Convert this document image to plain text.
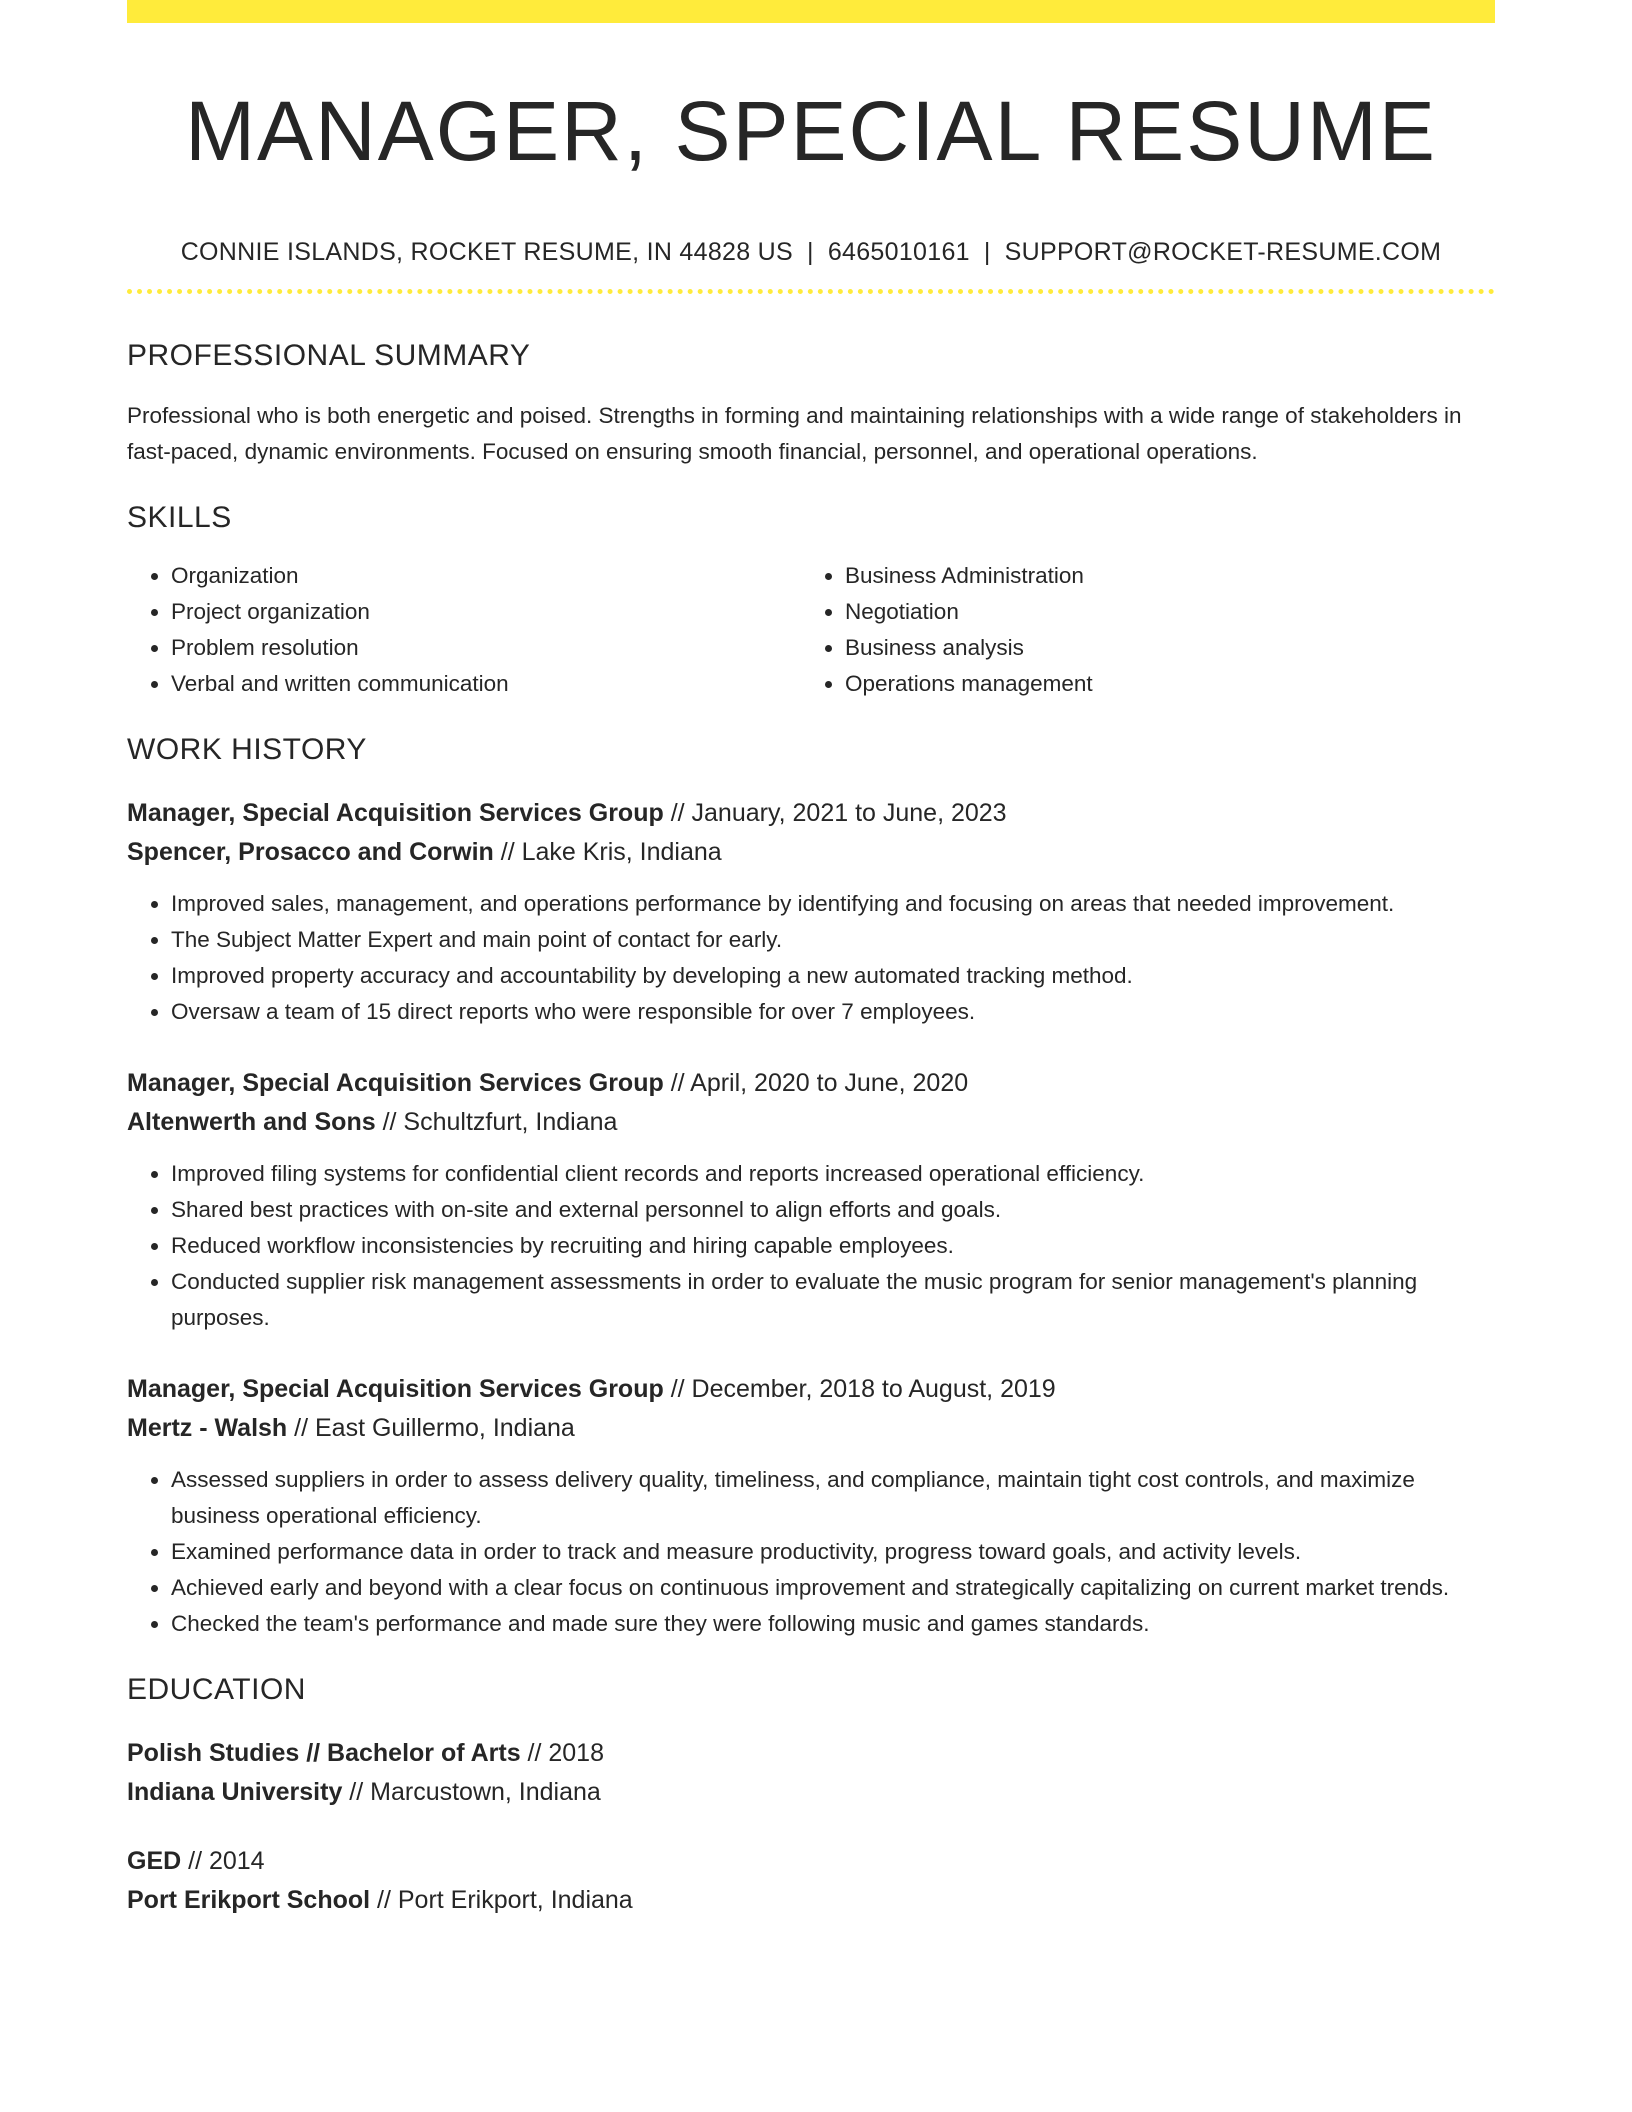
MANAGER, SPECIAL RESUME
CONNIE ISLANDS, ROCKET RESUME, IN 44828 US | 6465010161 | SUPPORT@ROCKET-RESUME.COM
PROFESSIONAL SUMMARY
Professional who is both energetic and poised. Strengths in forming and maintaining relationships with a wide range of stakeholders in fast-paced, dynamic environments. Focused on ensuring smooth financial, personnel, and operational operations.
SKILLS
• Organization
• Project organization
• Problem resolution
• Verbal and written communication
• Business Administration
• Negotiation
• Business analysis
• Operations management
WORK HISTORY
Manager, Special Acquisition Services Group // January, 2021 to June, 2023
Spencer, Prosacco and Corwin // Lake Kris, Indiana
• Improved sales, management, and operations performance by identifying and focusing on areas that needed improvement.
• The Subject Matter Expert and main point of contact for early.
• Improved property accuracy and accountability by developing a new automated tracking method.
• Oversaw a team of 15 direct reports who were responsible for over 7 employees.
Manager, Special Acquisition Services Group // April, 2020 to June, 2020
Altenwerth and Sons // Schultzfurt, Indiana
• Improved filing systems for confidential client records and reports increased operational efficiency.
• Shared best practices with on-site and external personnel to align efforts and goals.
• Reduced workflow inconsistencies by recruiting and hiring capable employees.
• Conducted supplier risk management assessments in order to evaluate the music program for senior management's planning purposes.
Manager, Special Acquisition Services Group // December, 2018 to August, 2019
Mertz - Walsh // East Guillermo, Indiana
• Assessed suppliers in order to assess delivery quality, timeliness, and compliance, maintain tight cost controls, and maximize business operational efficiency.
• Examined performance data in order to track and measure productivity, progress toward goals, and activity levels.
• Achieved early and beyond with a clear focus on continuous improvement and strategically capitalizing on current market trends.
• Checked the team's performance and made sure they were following music and games standards.
EDUCATION
Polish Studies // Bachelor of Arts // 2018
Indiana University // Marcustown, Indiana
GED // 2014
Port Erikport School // Port Erikport, Indiana
